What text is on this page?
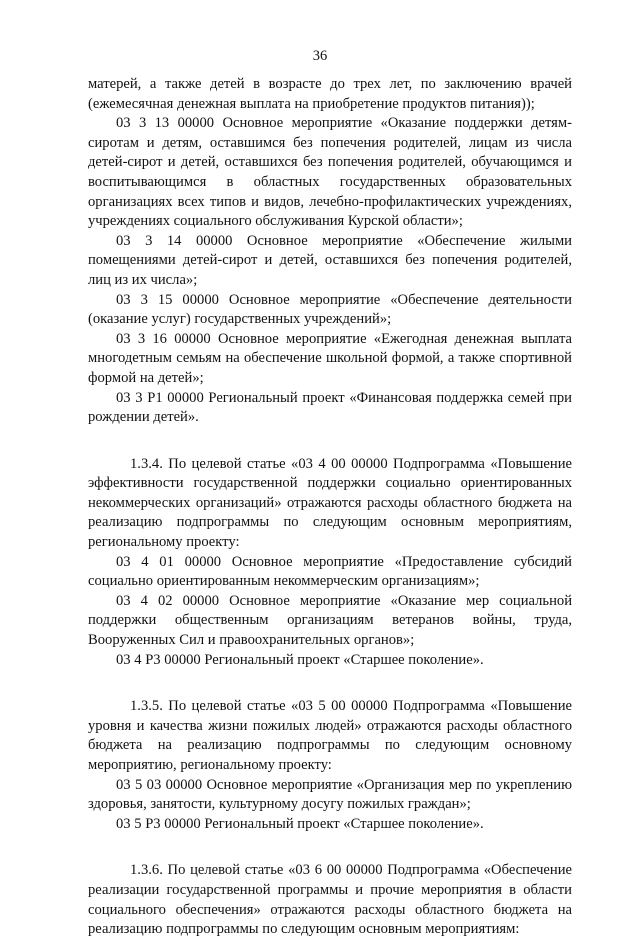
36

матерей, а также детей в возрасте до трех лет, по заключению врачей (ежемесячная денежная выплата на приобретение продуктов питания));

03 3 13 00000 Основное мероприятие «Оказание поддержки детям-сиротам и детям, оставшимся без попечения родителей, лицам из числа детей-сирот и детей, оставшихся без попечения родителей, обучающимся и воспитывающимся в областных государственных образовательных организациях всех типов и видов, лечебно-профилактических учреждениях, учреждениях социального обслуживания Курской области»;

03 3 14 00000 Основное мероприятие «Обеспечение жилыми помещениями детей-сирот и детей, оставшихся без попечения родителей, лиц из их числа»;

03 3 15 00000 Основное мероприятие «Обеспечение деятельности (оказание услуг) государственных учреждений»;

03 3 16 00000 Основное мероприятие «Ежегодная денежная выплата многодетным семьям на обеспечение школьной формой, а также спортивной формой на детей»;

03 3 P1 00000 Региональный проект «Финансовая поддержка семей при рождении детей».

1.3.4. По целевой статье «03 4 00 00000 Подпрограмма «Повышение эффективности государственной поддержки социально ориентированных некоммерческих организаций» отражаются расходы областного бюджета на реализацию подпрограммы по следующим основным мероприятиям, региональному проекту:

03 4 01 00000 Основное мероприятие «Предоставление субсидий социально ориентированным некоммерческим организациям»;

03 4 02 00000 Основное мероприятие «Оказание мер социальной поддержки общественным организациям ветеранов войны, труда, Вооруженных Сил и правоохранительных органов»;

03 4 P3 00000 Региональный проект «Старшее поколение».

1.3.5. По целевой статье «03 5 00 00000 Подпрограмма «Повышение уровня и качества жизни пожилых людей» отражаются расходы областного бюджета на реализацию подпрограммы по следующим основному мероприятию, региональному проекту:

03 5 03 00000 Основное мероприятие «Организация мер по укреплению здоровья, занятости, культурному досугу пожилых граждан»;

03 5 P3 00000 Региональный проект «Старшее поколение».

1.3.6. По целевой статье «03 6 00 00000 Подпрограмма «Обеспечение реализации государственной программы и прочие мероприятия в области социального обеспечения» отражаются расходы областного бюджета на реализацию подпрограммы по следующим основным мероприятиям:
